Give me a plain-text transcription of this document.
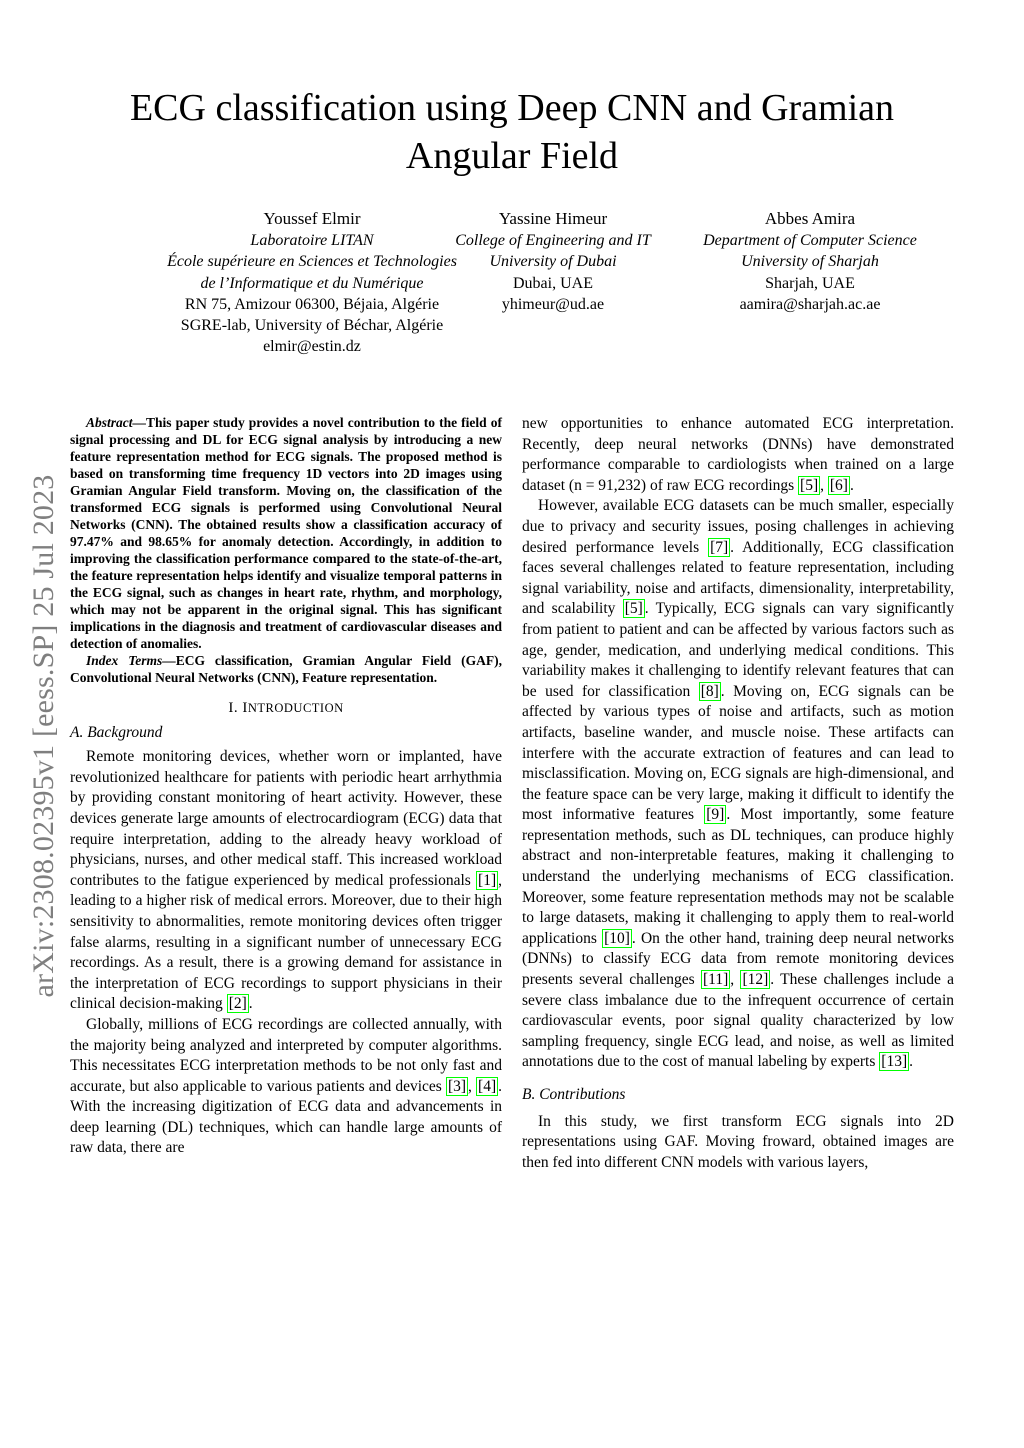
arXiv:2308.02395v1 [eess.SP] 25 Jul 2023
ECG classification using Deep CNN and Gramian Angular Field
Youssef Elmir
Laboratoire LITAN
École supérieure en Sciences et Technologies
de l’Informatique et du Numérique
RN 75, Amizour 06300, Béjaia, Algérie
SGRE-lab, University of Béchar, Algérie
elmir@estin.dz
Yassine Himeur
College of Engineering and IT
University of Dubai
Dubai, UAE
yhimeur@ud.ae
Abbes Amira
Department of Computer Science
University of Sharjah
Sharjah, UAE
aamira@sharjah.ac.ae

Abstract—This paper study provides a novel contribution to the field of signal processing and DL for ECG signal analysis by introducing a new feature representation method for ECG signals. The proposed method is based on transforming time frequency 1D vectors into 2D images using Gramian Angular Field transform. Moving on, the classification of the transformed ECG signals is performed using Convolutional Neural Networks (CNN). The obtained results show a classification accuracy of 97.47% and 98.65% for anomaly detection. Accordingly, in addition to improving the classification performance compared to the state-of-the-art, the feature representation helps identify and visualize temporal patterns in the ECG signal, such as changes in heart rate, rhythm, and morphology, which may not be apparent in the original signal. This has significant implications in the diagnosis and treatment of cardiovascular diseases and detection of anomalies.

Index Terms—ECG classification, Gramian Angular Field (GAF), Convolutional Neural Networks (CNN), Feature representation.

I. INTRODUCTION
A. Background

Remote monitoring devices, whether worn or implanted, have revolutionized healthcare for patients with periodic heart arrhythmia by providing constant monitoring of heart activity. However, these devices generate large amounts of electrocardiogram (ECG) data that require interpretation, adding to the already heavy workload of physicians, nurses, and other medical staff. This increased workload contributes to the fatigue experienced by medical professionals [1] , leading to a higher risk of medical errors. Moreover, due to their high sensitivity to abnormalities, remote monitoring devices often trigger false alarms, resulting in a significant number of unnecessary ECG recordings. As a result, there is a growing demand for assistance in the interpretation of ECG recordings to support physicians in their clinical decision-making [2] .

Globally, millions of ECG recordings are collected annually, with the majority being analyzed and interpreted by computer algorithms. This necessitates ECG interpretation methods to be not only fast and accurate, but also applicable to various patients and devices [3] , [4] . With the increasing digitization of ECG data and advancements in deep learning (DL) techniques, which can handle large amounts of raw data, there are

new opportunities to enhance automated ECG interpretation. Recently, deep neural networks (DNNs) have demonstrated performance comparable to cardiologists when trained on a large dataset (n = 91,232) of raw ECG recordings [5] , [6] .

However, available ECG datasets can be much smaller, especially due to privacy and security issues, posing challenges in achieving desired performance levels [7] . Additionally, ECG classification faces several challenges related to feature representation, including signal variability, noise and artifacts, dimensionality, interpretability, and scalability [5] . Typically, ECG signals can vary significantly from patient to patient and can be affected by various factors such as age, gender, medication, and underlying medical conditions. This variability makes it challenging to identify relevant features that can be used for classification [8] . Moving on, ECG signals can be affected by various types of noise and artifacts, such as motion artifacts, baseline wander, and muscle noise. These artifacts can interfere with the accurate extraction of features and can lead to misclassification. Moving on, ECG signals are high-dimensional, and the feature space can be very large, making it difficult to identify the most informative features [9] . Most importantly, some feature representation methods, such as DL techniques, can produce highly abstract and non-interpretable features, making it challenging to understand the underlying mechanisms of ECG classification. Moreover, some feature representation methods may not be scalable to large datasets, making it challenging to apply them to real-world applications [10] . On the other hand, training deep neural networks (DNNs) to classify ECG data from remote monitoring devices presents several challenges [11] , [12] . These challenges include a severe class imbalance due to the infrequent occurrence of certain cardiovascular events, poor signal quality characterized by low sampling frequency, single ECG lead, and noise, as well as limited annotations due to the cost of manual labeling by experts [13] .

B. Contributions

In this study, we first transform ECG signals into 2D representations using GAF. Moving froward, obtained images are then fed into different CNN models with various layers,
